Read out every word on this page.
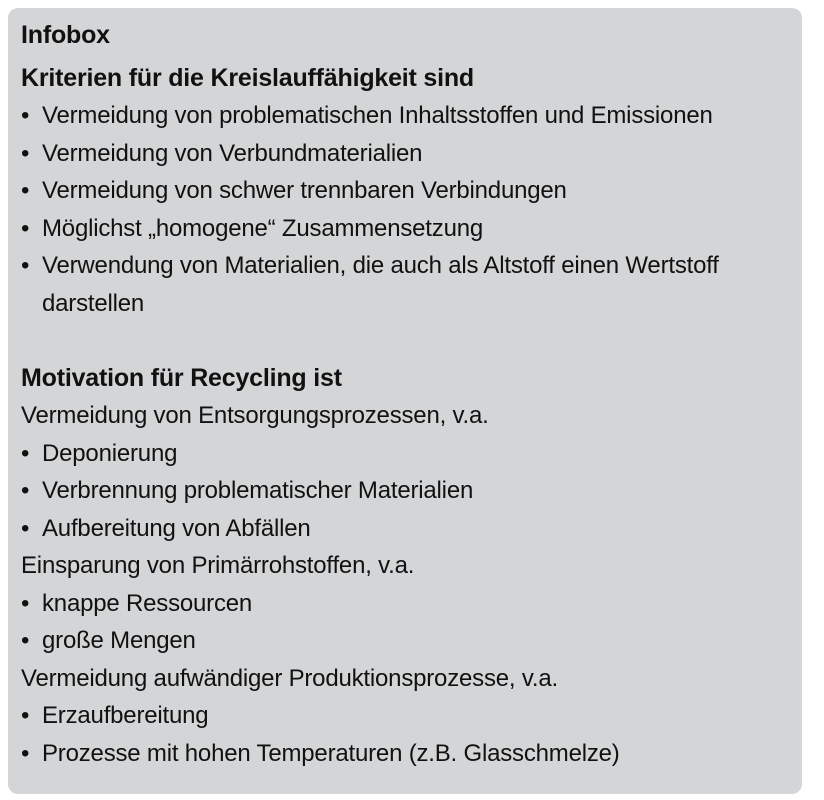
Infobox
Kriterien für die Kreislauffähigkeit sind
• Vermeidung von problematischen Inhaltsstoffen und Emissionen
• Vermeidung von Verbundmaterialien
• Vermeidung von schwer trennbaren Verbindungen
• Möglichst „homogene“ Zusammensetzung
• Verwendung von Materialien, die auch als Altstoff einen Wertstoff darstellen
Motivation für Recycling ist
Vermeidung von Entsorgungsprozessen, v.a.
• Deponierung
• Verbrennung problematischer Materialien
• Aufbereitung von Abfällen
Einsparung von Primärrohstoffen, v.a.
• knappe Ressourcen
• große Mengen
Vermeidung aufwändiger Produktionsprozesse, v.a.
• Erzaufbereitung
• Prozesse mit hohen Temperaturen (z.B. Glasschmelze)
